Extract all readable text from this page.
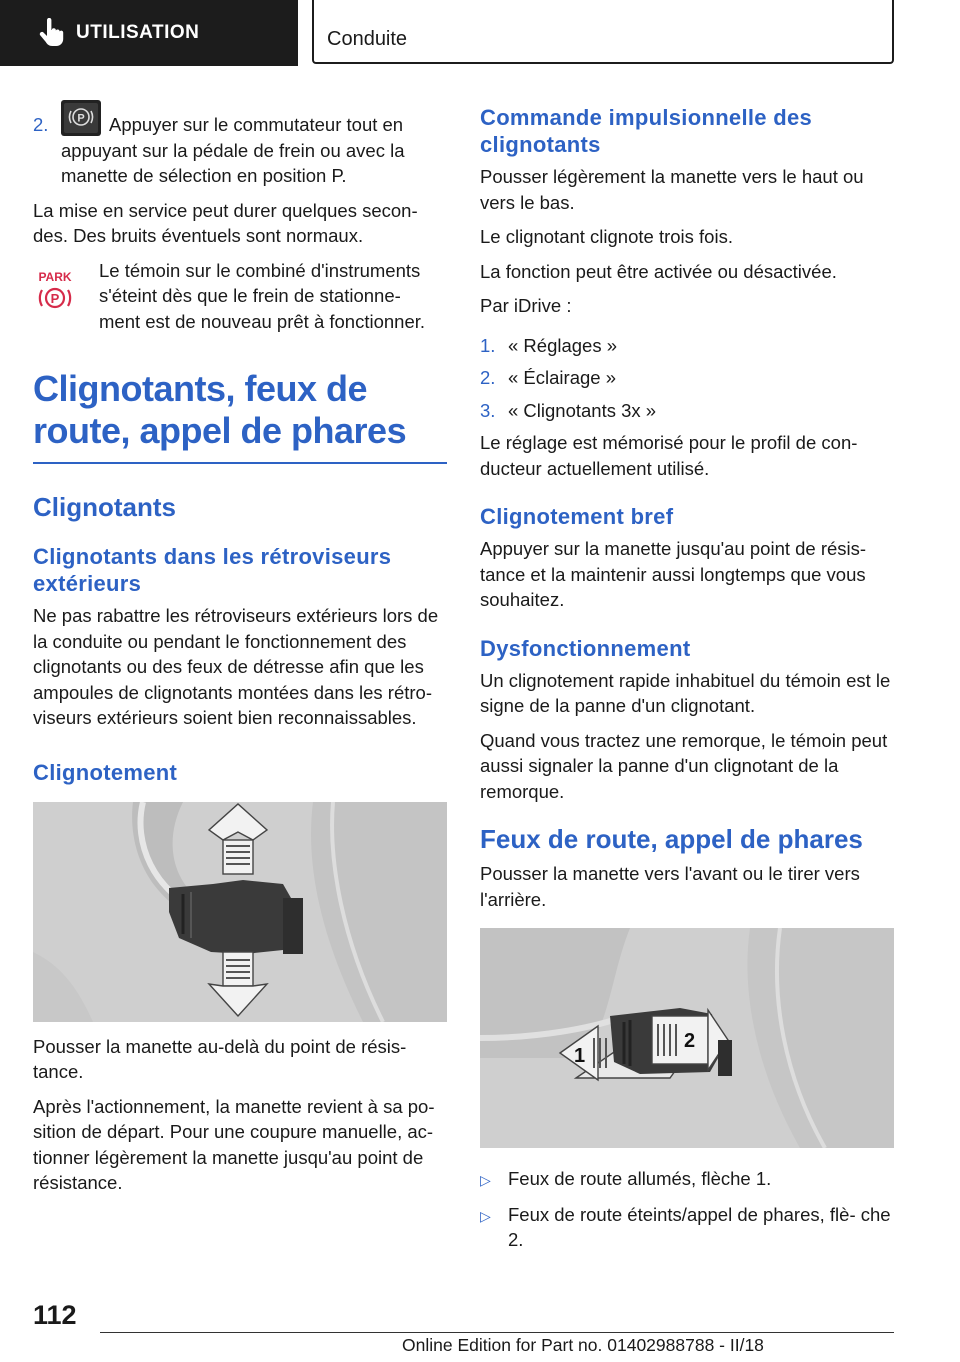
UTILISATION	Conduite
2.	P Appuyer sur le commutateur tout en appuyant sur la pédale de frein ou avec la manette de sélection en position P.

La mise en service peut durer quelques secon- des. Des bruits éventuels sont normaux.

PARK
P
Le témoin sur le combiné d'instruments s'éteint dès que le frein de stationne- ment est de nouveau prêt à fonctionner.
Clignotants, feux de route, appel de phares
Clignotants
Clignotants dans les rétroviseurs extérieurs

Ne pas rabattre les rétroviseurs extérieurs lors de la conduite ou pendant le fonctionnement des clignotants ou des feux de détresse afin que les ampoules de clignotants montées dans les rétro- viseurs extérieurs soient bien reconnaissables.

Clignotement

Pousser la manette au-delà du point de résis- tance.

Après l'actionnement, la manette revient à sa po- sition de départ. Pour une coupure manuelle, ac- tionner légèrement la manette jusqu'au point de résistance.

Commande impulsionnelle des clignotants

Pousser légèrement la manette vers le haut ou vers le bas.

Le clignotant clignote trois fois.

La fonction peut être activée ou désactivée.

Par iDrive :

1. « Réglages »
2. « Éclairage »
3. « Clignotants 3x »

Le réglage est mémorisé pour le profil de con- ducteur actuellement utilisé.

Clignotement bref

Appuyer sur la manette jusqu'au point de résis- tance et la maintenir aussi longtemps que vous souhaitez.

Dysfonctionnement

Un clignotement rapide inhabituel du témoin est le signe de la panne d'un clignotant.

Quand vous tractez une remorque, le témoin peut aussi signaler la panne d'un clignotant de la remorque.

Feux de route, appel de phares

Pousser la manette vers l'avant ou le tirer vers l'arrière.

1
2
▷ Feux de route allumés, flèche 1.
▷ Feux de route éteints/appel de phares, flè- che 2.
112
Online Edition for Part no. 01402988788 - II/18
